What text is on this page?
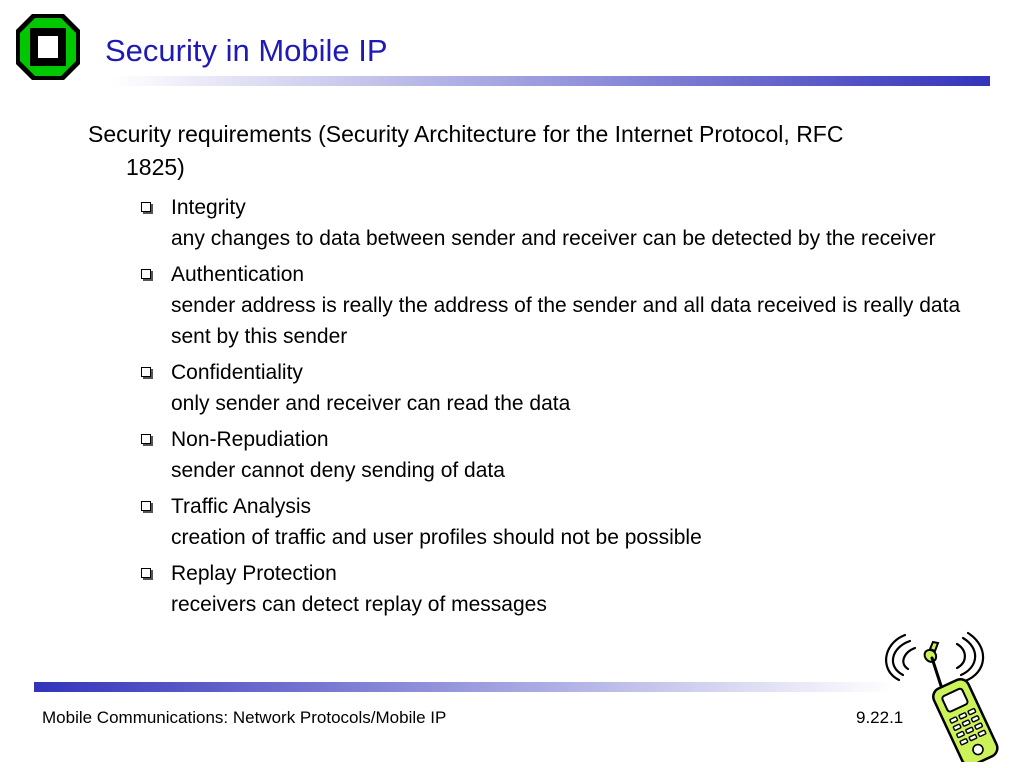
Security in Mobile IP

Security requirements (Security Architecture for the Internet Protocol, RFC 1825)

Integrity
any changes to data between sender and receiver can be detected by the receiver
Authentication
sender address is really the address of the sender and all data received is really data sent by this sender
Confidentiality
only sender and receiver can read the data
Non-Repudiation
sender cannot deny sending of data
Traffic Analysis
creation of traffic and user profiles should not be possible
Replay Protection
receivers can detect replay of messages
Mobile Communications: Network Protocols/Mobile IP	9.22.1
